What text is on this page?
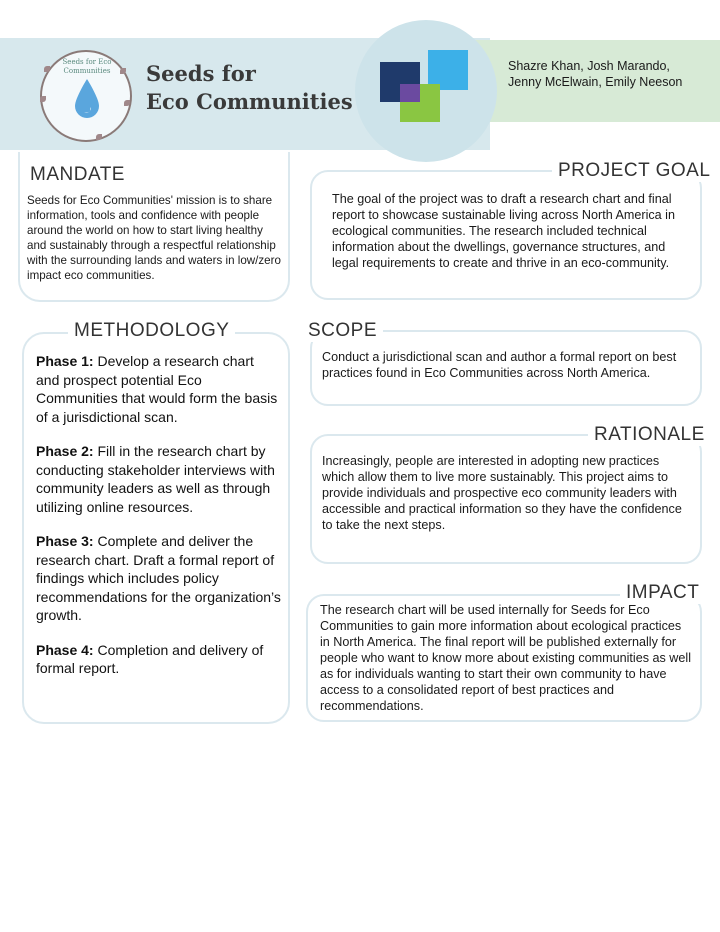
Seeds for Eco Communities	Seeds for
Eco Communities
Shazre Khan, Josh Marando,
Jenny McElwain, Emily Neeson
MANDATE
Seeds for Eco Communities' mission is to share information, tools and confidence with people around the world on how to start living healthy and sustainably through a respectful relationship with the surrounding lands and waters in low/zero impact eco communities.
PROJECT GOAL
The goal of the project was to draft a research chart and final report to showcase sustainable living across North America in ecological communities. The research included technical information about the dwellings, governance structures, and legal requirements to create and thrive in an eco-community.
METHODOLOGY

Phase 1: Develop a research chart and prospect potential Eco Communities that would form the basis of a jurisdictional scan.

Phase 2: Fill in the research chart by conducting stakeholder interviews with community leaders as well as through utilizing online resources.

Phase 3: Complete and deliver the research chart. Draft a formal report of findings which includes policy recommendations for the organization’s growth.

Phase 4: Completion and delivery of formal report.

SCOPE
Conduct a jurisdictional scan and author a formal report on best practices found in Eco Communities across North America.
RATIONALE
Increasingly, people are interested in adopting new practices which allow them to live more sustainably. This project aims to provide individuals and prospective eco community leaders with accessible and practical information so they have the confidence to take the next steps.
IMPACT
The research chart will be used internally for Seeds for Eco Communities to gain more information about ecological practices in North America. The final report will be published externally for people who want to know more about existing communities as well as for individuals wanting to start their own community to have access to a consolidated report of best practices and recommendations.
